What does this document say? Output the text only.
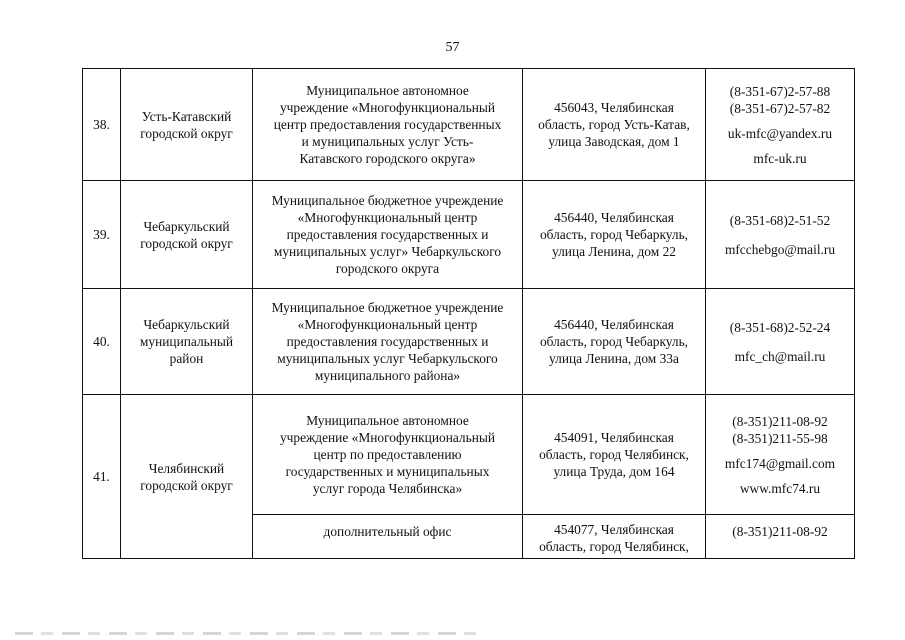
57
38.	Усть-Катавский городской округ	Муниципальное автономное
учреждение «Многофункциональный
центр предоставления государственных
и муниципальных услуг Усть-
Катавского городского округа»	456043, Челябинская
область, город Усть-Катав,
улица Заводская, дом 1	(8-351-67)2-57-88
(8-351-67)2-57-82
uk-mfc@yandex.ru
mfc-uk.ru

39.	Чебаркульский городской округ	Муниципальное бюджетное учреждение
«Многофункциональный центр
предоставления государственных и
муниципальных услуг» Чебаркульского
городского округа	456440, Челябинская
область, город Чебаркуль,
улица Ленина, дом 22	(8-351-68)2-51-52
mfcchebgo@mail.ru

40.	Чебаркульский муниципальный район	Муниципальное бюджетное учреждение
«Многофункциональный центр
предоставления государственных и
муниципальных услуг Чебаркульского
муниципального района»	456440, Челябинская
область, город Чебаркуль,
улица Ленина, дом 33а	(8-351-68)2-52-24
mfc_ch@mail.ru

41.	Челябинский городской округ	Муниципальное автономное
учреждение «Многофункциональный
центр по предоставлению
государственных и муниципальных
услуг города Челябинска»	454091, Челябинская
область, город Челябинск,
улица Труда, дом 164	(8-351)211-08-92
(8-351)211-55-98
mfc174@gmail.com
www.mfc74.ru

		дополнительный офис	454077, Челябинская
область, город Челябинск,	(8-351)211-08-92
